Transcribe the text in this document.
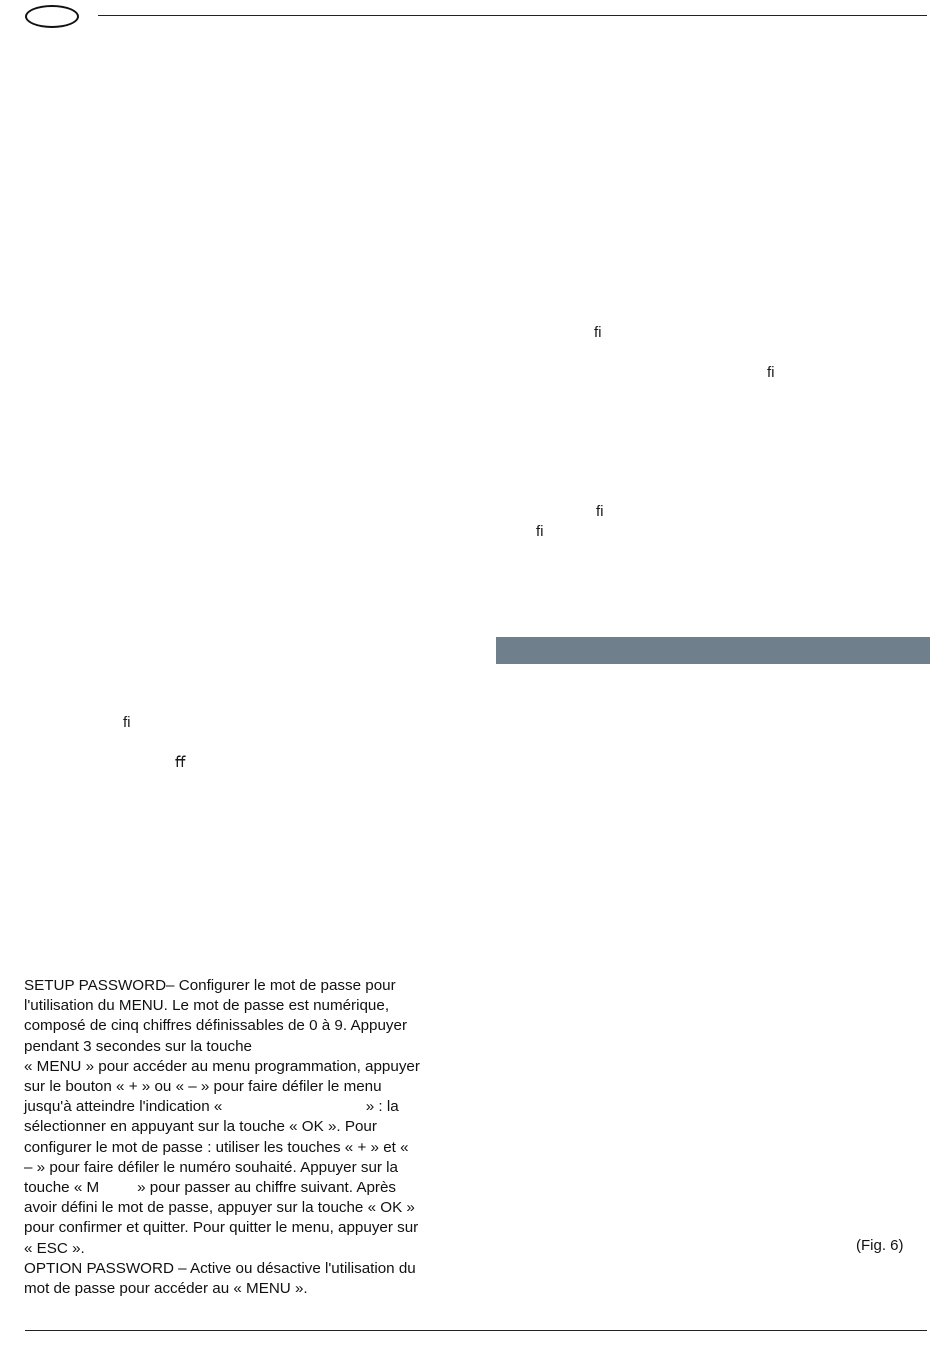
ﬁ
ﬁ
ﬁ
ﬁ
ﬁ
ﬀ
SETUP PASSWORD– Configurer le mot de passe pour
l'utilisation du MENU. Le mot de passe est numérique,
composé de cinq chiffres définissables de 0 à 9. Appuyer
pendant 3 secondes sur la touche
« MENU » pour accéder au menu programmation, appuyer
sur le bouton « + » ou « – » pour faire défiler le menu
jusqu'à atteindre l'indication «                                  » : la
sélectionner en appuyant sur la touche « OK ». Pour
configurer le mot de passe : utiliser les touches « + » et «
– » pour faire défiler le numéro souhaité. Appuyer sur la
touche « M         » pour passer au chiffre suivant. Après
avoir défini le mot de passe, appuyer sur la touche « OK »
pour confirmer et quitter. Pour quitter le menu, appuyer sur
« ESC ».
OPTION PASSWORD – Active ou désactive l'utilisation du
mot de passe pour accéder au « MENU ».
(Fig. 6)
